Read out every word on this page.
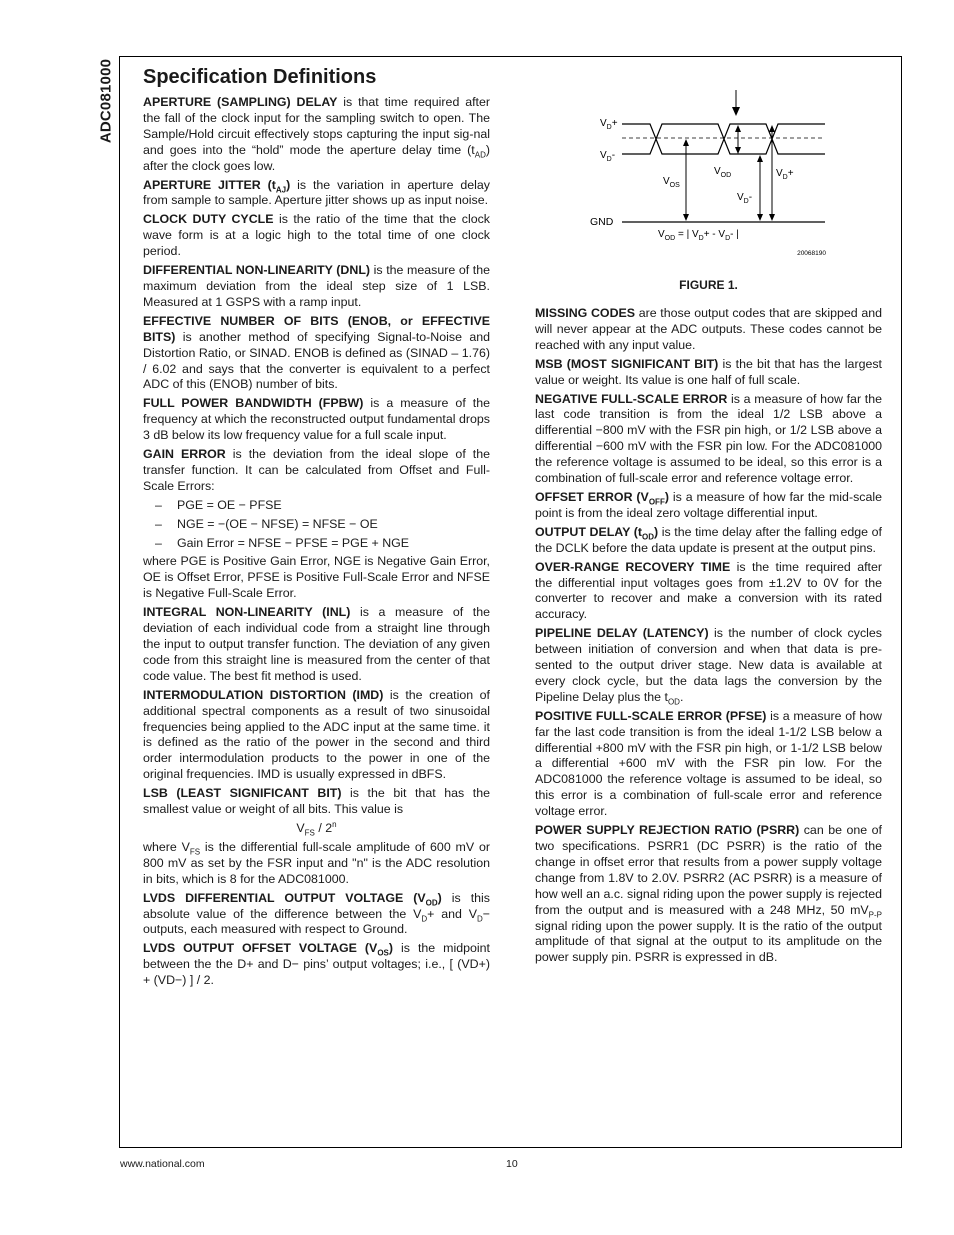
ADC081000 Specification Definitions

APERTURE (SAMPLING) DELAY is that time required after the fall of the clock input for the sampling switch to open. The Sample/Hold circuit effectively stops capturing the input sig-nal and goes into the “hold” mode the aperture delay time $(t_{AD})$ after the clock goes low.

APERTURE JITTER $(t_{AJ})$ is the variation in aperture delay from sample to sample. Aperture jitter shows up as input noise.

CLOCK DUTY CYCLE is the ratio of the time that the clock wave form is at a logic high to the total time of one clock period.

DIFFERENTIAL NON-LINEARITY (DNL) is the measure of the maximum deviation from the ideal step size of 1 LSB. Measured at 1 GSPS with a ramp input.

EFFECTIVE NUMBER OF BITS (ENOB, or EFFECTIVE BITS) is another method of specifying Signal-to-Noise and Distortion Ratio, or SINAD. ENOB is defined as (SINAD – 1.76) / 6.02 and says that the converter is equivalent to a perfect ADC of this (ENOB) number of bits.

FULL POWER BANDWIDTH (FPBW) is a measure of the frequency at which the reconstructed output fundamental drops 3 dB below its low frequency value for a full scale input.

GAIN ERROR is the deviation from the ideal slope of the transfer function. It can be calculated from Offset and Full-Scale Errors:

– PGE = OE − PFSE
– NGE = −(OE − NFSE) = NFSE − OE
– Gain Error = NFSE − PFSE = PGE + NGE

where PGE is Positive Gain Error, NGE is Negative Gain Error, OE is Offset Error, PFSE is Positive Full-Scale Error and NFSE is Negative Full-Scale Error.

INTEGRAL NON-LINEARITY (INL) is a measure of the deviation of each individual code from a straight line through the input to output transfer function. The deviation of any given code from this straight line is measured from the center of that code value. The best fit method is used.

INTERMODULATION DISTORTION (IMD) is the creation of additional spectral components as a result of two sinusoidal frequencies being applied to the ADC input at the same time. it is defined as the ratio of the power in the second and third order intermodulation products to the power in one of the original frequencies. IMD is usually expressed in dBFS.

LSB (LEAST SIGNIFICANT BIT) is the bit that has the smallest value or weight of all bits. This value is

$V_{FS} / 2^n$

where $V_{FS}$ is the differential full-scale amplitude of 600 mV or 800 mV as set by the FSR input and "n" is the ADC resolution in bits, which is 8 for the ADC081000.

LVDS DIFFERENTIAL OUTPUT VOLTAGE $(V_{OD})$ is this absolute value of the difference between the $V_D+$ and $V_D-$ outputs, each measured with respect to Ground.

LVDS OUTPUT OFFSET VOLTAGE $(V_{OS})$ is the midpoint between the the D+ and D− pins’ output voltages; i.e., [ (VD+) + (VD−) ] / 2.

$V_D+$
$V_D-$
$V_{OS}$
$V_{OD}$	$V_D+$
$V_D-$
GND
$V_{OD}$ = | $V_D+ - V_D-$ |
20068190

FIGURE 1.

MISSING CODES are those output codes that are skipped and will never appear at the ADC outputs. These codes cannot be reached with any input value.

MSB (MOST SIGNIFICANT BIT) is the bit that has the largest value or weight. Its value is one half of full scale.

NEGATIVE FULL-SCALE ERROR is a measure of how far the last code transition is from the ideal 1/2 LSB above a differential −800 mV with the FSR pin high, or 1/2 LSB above a differential −600 mV with the FSR pin low. For the ADC081000 the reference voltage is assumed to be ideal, so this error is a combination of full-scale error and reference voltage error.

OFFSET ERROR $(V_{OFF})$ is a measure of how far the mid-scale point is from the ideal zero voltage differential input.

OUTPUT DELAY $(t_{OD})$ is the time delay after the falling edge of the DCLK before the data update is present at the output pins.

OVER-RANGE RECOVERY TIME is the time required after the differential input voltages goes from ±1.2V to 0V for the converter to recover and make a conversion with its rated accuracy.

PIPELINE DELAY (LATENCY) is the number of clock cycles between initiation of conversion and when that data is pre-sented to the output driver stage. New data is available at every clock cycle, but the data lags the conversion by the Pipeline Delay plus the $t_{OD}$.

POSITIVE FULL-SCALE ERROR (PFSE) is a measure of how far the last code transition is from the ideal 1-1/2 LSB below a differential +800 mV with the FSR pin high, or 1-1/2 LSB below a differential +600 mV with the FSR pin low. For the ADC081000 the reference voltage is assumed to be ideal, so this error is a combination of full-scale error and reference voltage error.

POWER SUPPLY REJECTION RATIO (PSRR) can be one of two specifications. PSRR1 (DC PSRR) is the ratio of the change in offset error that results from a power supply voltage change from 1.8V to 2.0V. PSRR2 (AC PSRR) is a measure of how well an a.c. signal riding upon the power supply is rejected from the output and is measured with a 248 MHz, 50 $mV_{P-P}$ signal riding upon the power supply. It is the ratio of the output amplitude of that signal at the output to its amplitude on the power supply pin. PSRR is expressed in dB.

www.national.com	10
